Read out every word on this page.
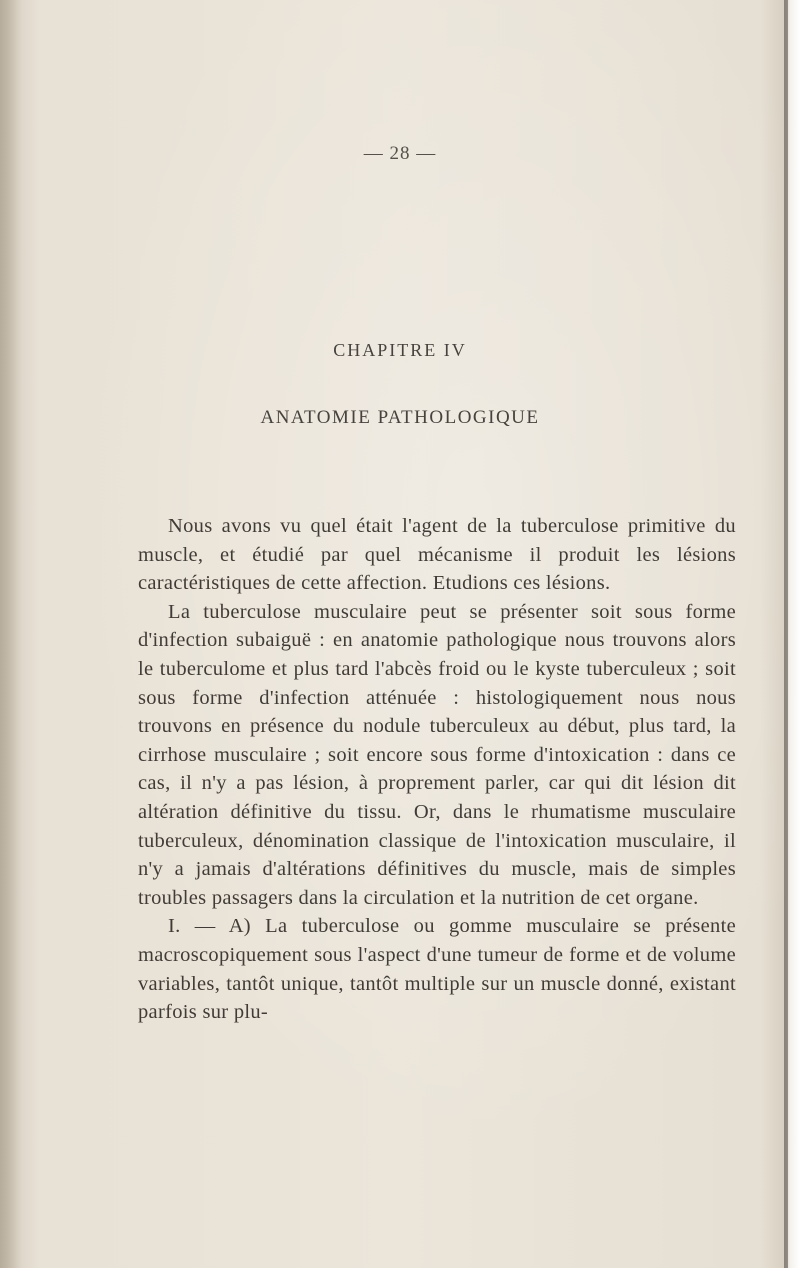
— 28 —
CHAPITRE IV
ANATOMIE PATHOLOGIQUE

Nous avons vu quel était l'agent de la tuberculose primitive du muscle, et étudié par quel mécanisme il produit les lésions caractéristiques de cette affection. Etudions ces lésions.

La tuberculose musculaire peut se présenter soit sous forme d'infection subaiguë : en anatomie pathologique nous trouvons alors le tuberculome et plus tard l'abcès froid ou le kyste tuberculeux ; soit sous forme d'infection atténuée : histologiquement nous nous trouvons en présence du nodule tuberculeux au début, plus tard, la cirrhose musculaire ; soit encore sous forme d'intoxication : dans ce cas, il n'y a pas lésion, à proprement parler, car qui dit lésion dit altération définitive du tissu. Or, dans le rhumatisme musculaire tuberculeux, dénomination classique de l'intoxication musculaire, il n'y a jamais d'altérations définitives du muscle, mais de simples troubles passagers dans la circulation et la nutrition de cet organe.

I. — A) La tuberculose ou gomme musculaire se présente macroscopiquement sous l'aspect d'une tumeur de forme et de volume variables, tantôt unique, tantôt multiple sur un muscle donné, existant parfois sur plu-
